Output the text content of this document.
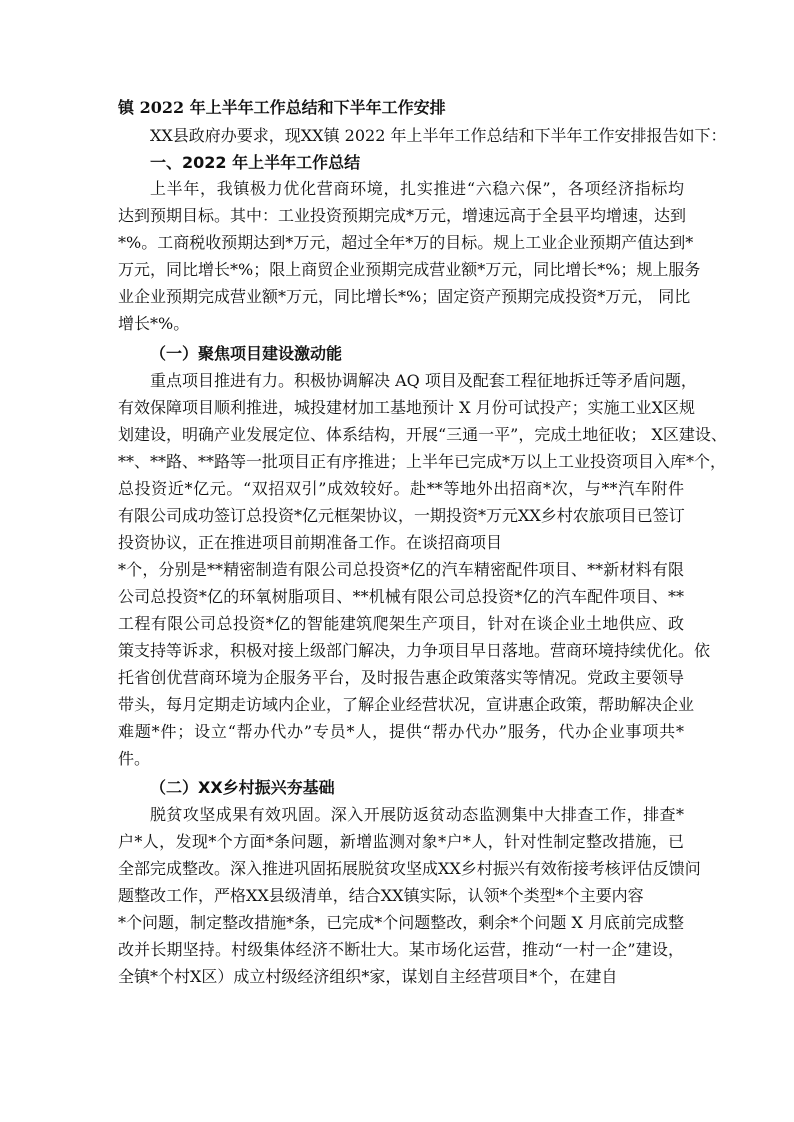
镇 2022 年上半年工作总结和下半年工作安排
XX县政府办要求，现XX镇 2022 年上半年工作总结和下半年工作安排报告如下：
一、2022 年上半年工作总结
上半年，我镇极力优化营商环境，扎实推进“六稳六保”，各项经济指标均
达到预期目标。其中：工业投资预期完成*万元，增速远高于全县平均增速，达到
*%。工商税收预期达到*万元，超过全年*万的目标。规上工业企业预期产值达到*
万元，同比增长*%；限上商贸企业预期完成营业额*万元，同比增长*%；规上服务
业企业预期完成营业额*万元，同比增长*%；固定资产预期完成投资*万元， 同比
增长*%。
（一）聚焦项目建设激动能
重点项目推进有力。积极协调解决 AQ 项目及配套工程征地拆迁等矛盾问题，
有效保障项目顺利推进，城投建材加工基地预计 X 月份可试投产；实施工业X区规
划建设，明确产业发展定位、体系结构，开展“三通一平”，完成土地征收； X区建设、
**、**路、**路等一批项目正有序推进；上半年已完成*万以上工业投资项目入库*个，
总投资近*亿元。“双招双引”成效较好。赴**等地外出招商*次，与**汽车附件
有限公司成功签订总投资*亿元框架协议，一期投资*万元XX乡村农旅项目已签订
投资协议，正在推进项目前期准备工作。在谈招商项目
*个，分别是**精密制造有限公司总投资*亿的汽车精密配件项目、**新材料有限
公司总投资*亿的环氧树脂项目、**机械有限公司总投资*亿的汽车配件项目、**
工程有限公司总投资*亿的智能建筑爬架生产项目，针对在谈企业土地供应、政
策支持等诉求，积极对接上级部门解决，力争项目早日落地。营商环境持续优化。依
托省创优营商环境为企服务平台，及时报告惠企政策落实等情况。党政主要领导
带头，每月定期走访域内企业，了解企业经营状况，宣讲惠企政策，帮助解决企业
难题*件；设立“帮办代办”专员*人，提供“帮办代办”服务，代办企业事项共*
件。
（二）XX乡村振兴夯基础
脱贫攻坚成果有效巩固。深入开展防返贫动态监测集中大排查工作，排查*
户*人，发现*个方面*条问题，新增监测对象*户*人，针对性制定整改措施，已
全部完成整改。深入推进巩固拓展脱贫攻坚成XX乡村振兴有效衔接考核评估反馈问
题整改工作，严格XX县级清单，结合XX镇实际，认领*个类型*个主要内容
*个问题，制定整改措施*条，已完成*个问题整改，剩余*个问题 X 月底前完成整
改并长期坚持。村级集体经济不断壮大。某市场化运营，推动“一村一企”建设，
全镇*个村X区）成立村级经济组织*家，谋划自主经营项目*个，在建自
